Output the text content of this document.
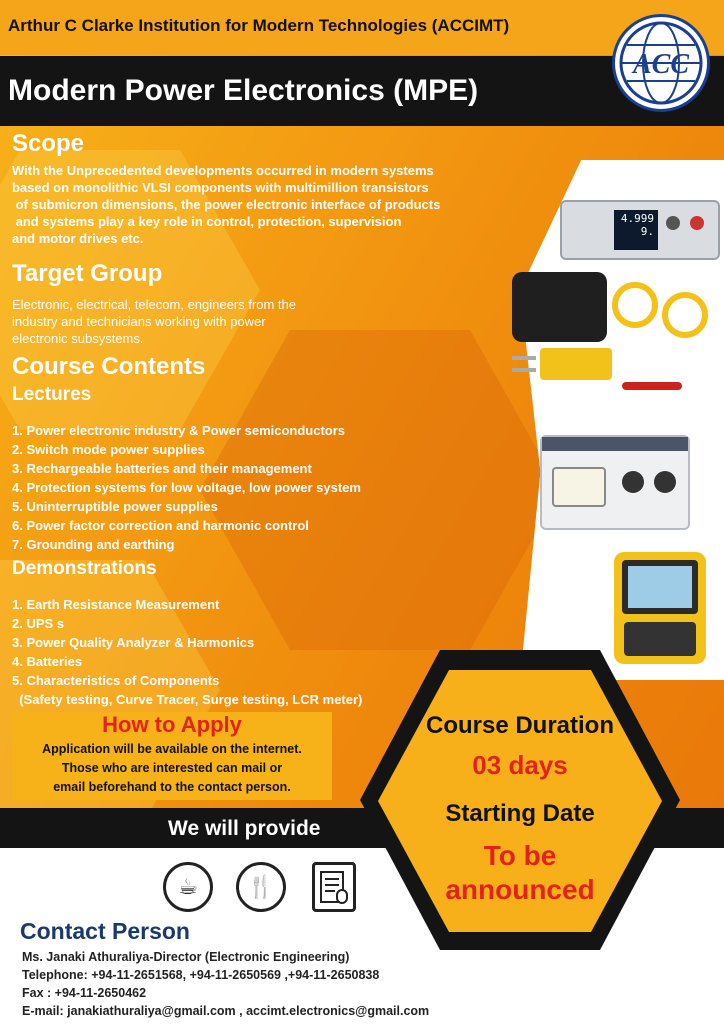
Arthur C Clarke Institution for Modern Technologies (ACCIMT)
Modern Power Electronics (MPE)
ACC
Scope
With the Unprecedented developments occurred in modern systems
based on monolithic VLSI components with multimillion transistors
of submicron dimensions, the power electronic interface of products
and systems play a key role in control, protection, supervision
and motor drives etc.
Target Group
Electronic, electrical, telecom, engineers from the
industry and technicians working with power
electronic subsystems.
Course Contents
Lectures
1. Power electronic industry & Power semiconductors
2. Switch mode power supplies
3. Rechargeable batteries and their management
4. Protection systems for low voltage, low power system
5. Uninterruptible power supplies
6. Power factor correction and harmonic control
7. Grounding and earthing
Demonstrations
1. Earth Resistance Measurement
2. UPS s
3. Power Quality Analyzer & Harmonics
4. Batteries
5. Characteristics of Components
(Safety testing, Curve Tracer, Surge testing, LCR meter)
4.999
9.
How to Apply
Application will be available on the internet.
Those who are interested can mail or
email beforehand to the contact person.
We will provide
Course Duration
03 days
Starting Date
To be
announced
☕	🍴
Contact Person
Ms. Janaki Athuraliya-Director (Electronic Engineering)
Telephone: +94-11-2651568, +94-11-2650569 ,+94-11-2650838
Fax : +94-11-2650462
E-mail: janakiathuraliya@gmail.com , accimt.electronics@gmail.com
